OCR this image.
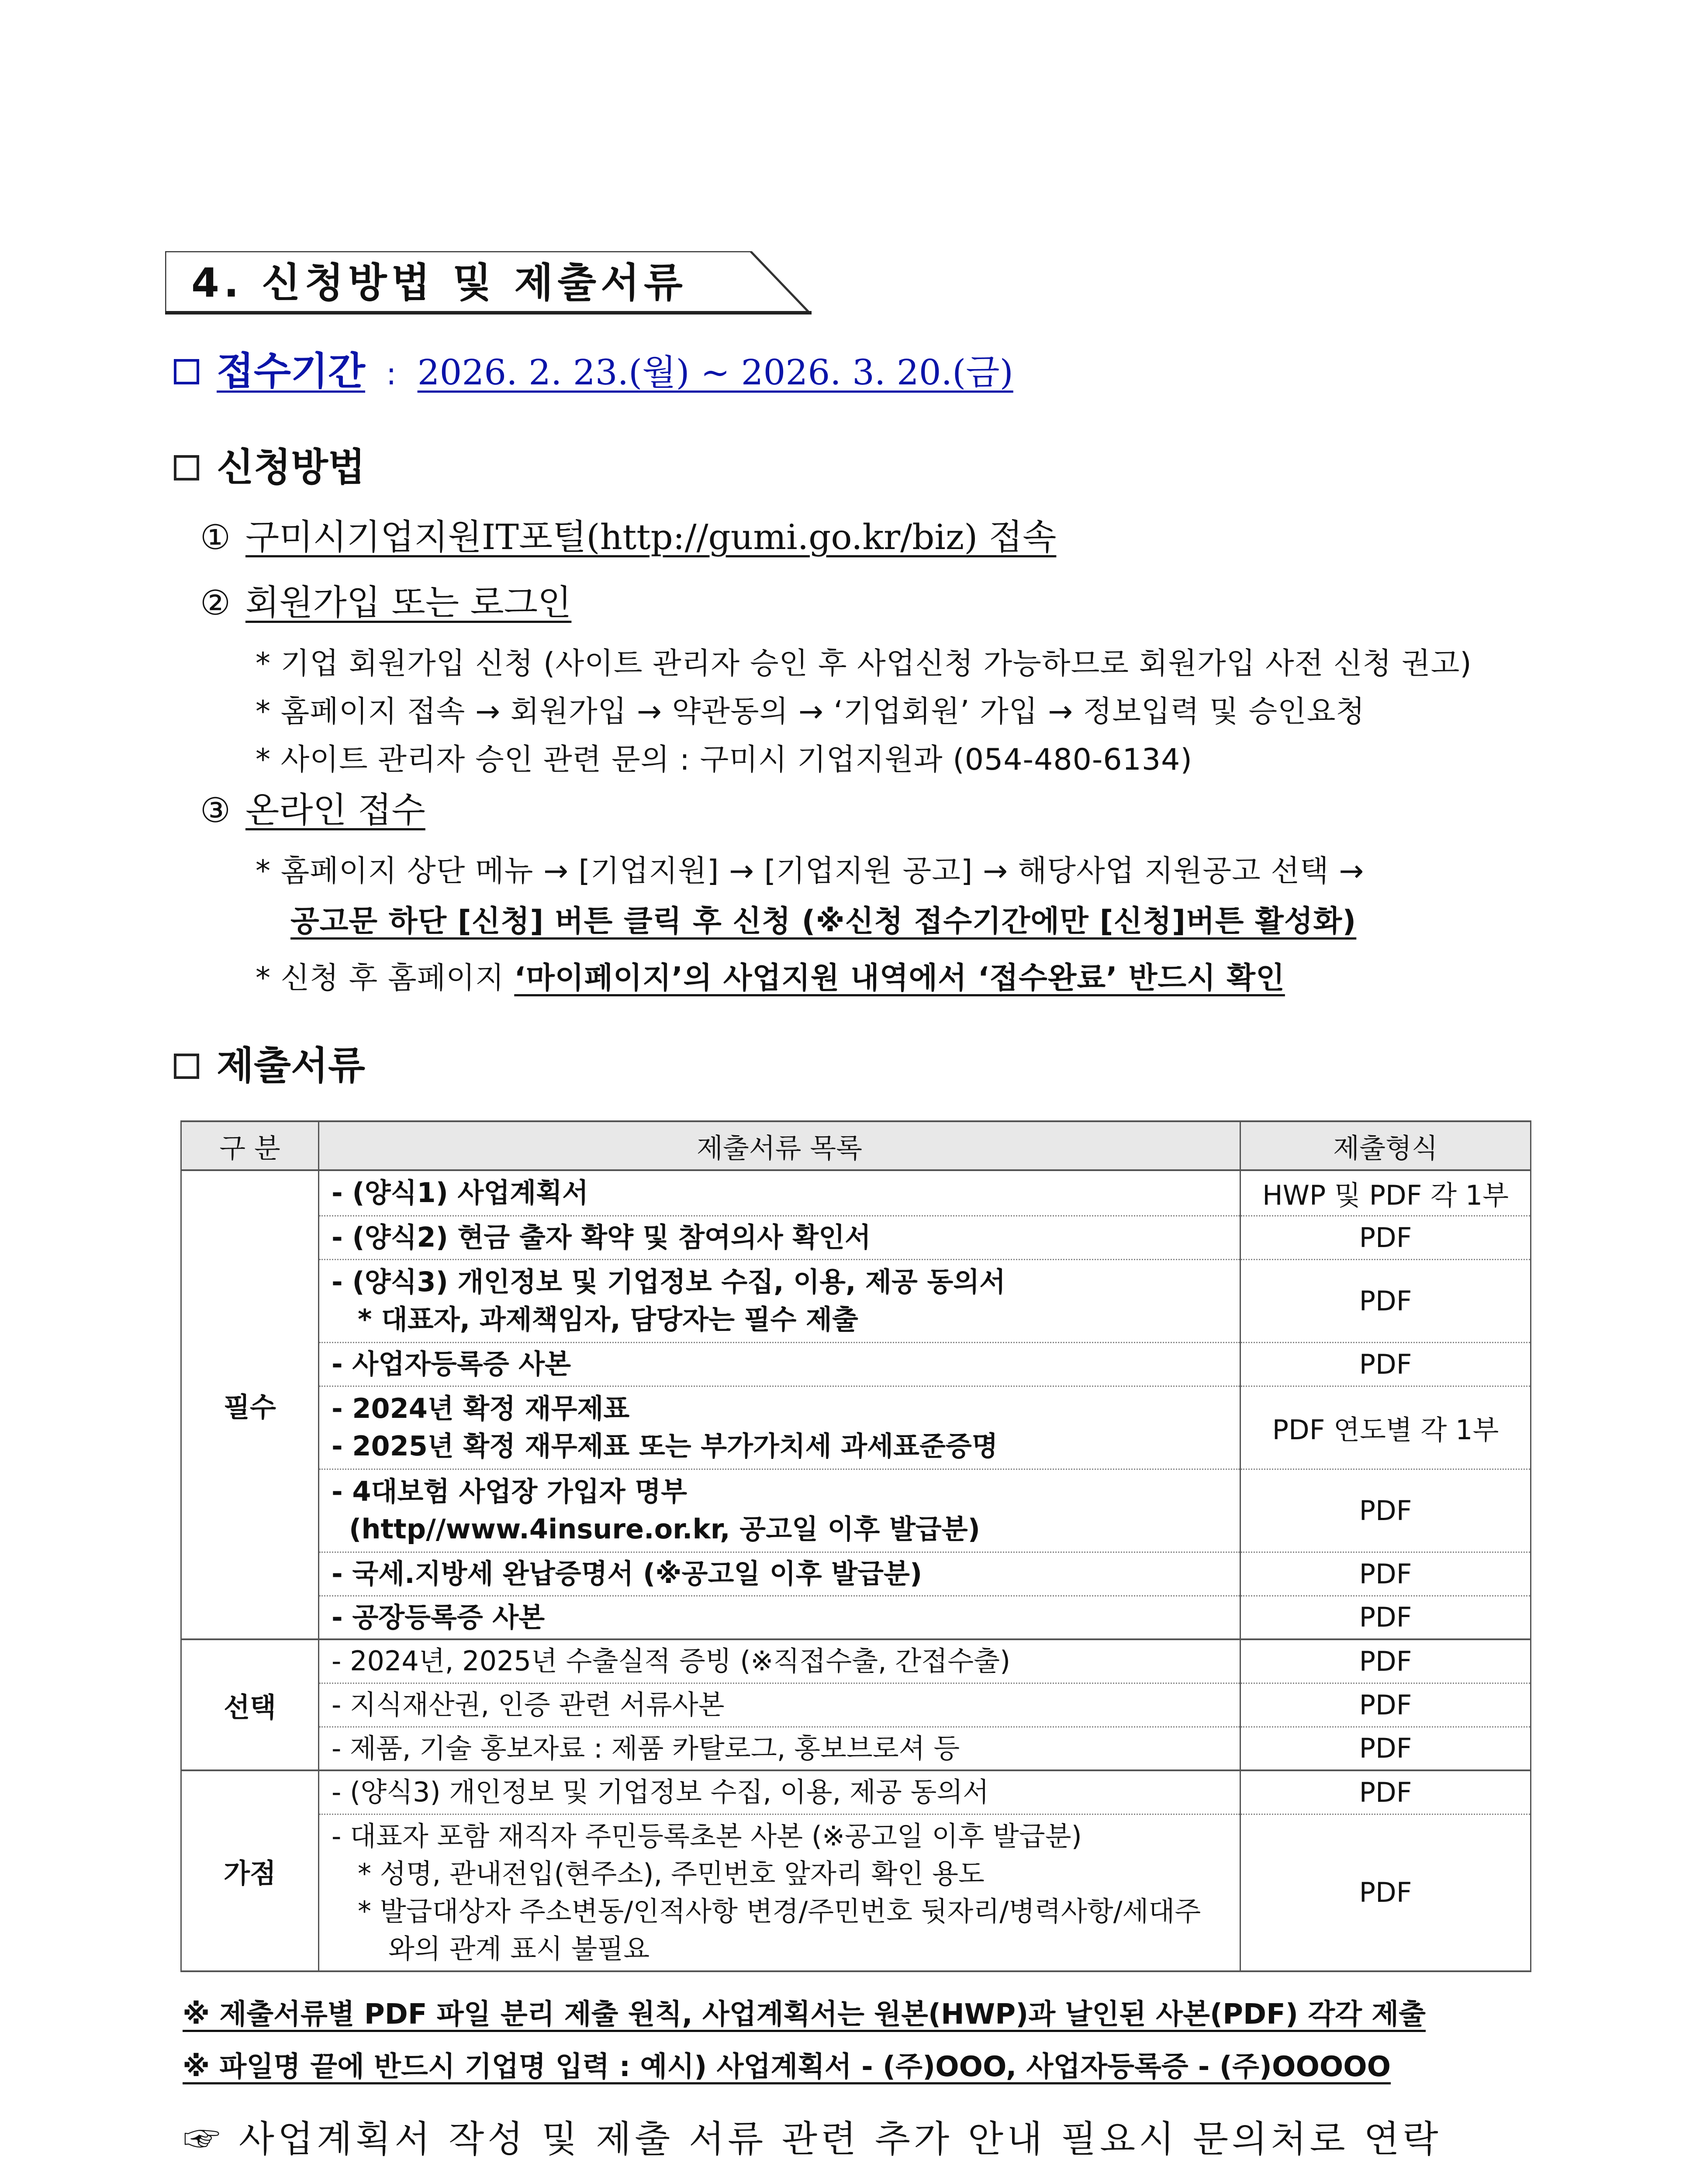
4. 신청방법 및 제출서류
접수기간 : 2026. 2. 23.(월) ~ 2026. 3. 20.(금)
신청방법
① 구미시기업지원IT포털(http://gumi.go.kr/biz) 접속
② 회원가입 또는 로그인
* 기업 회원가입 신청 (사이트 관리자 승인 후 사업신청 가능하므로 회원가입 사전 신청 권고)
* 홈페이지 접속 → 회원가입 → 약관동의 → ‘기업회원’ 가입 → 정보입력 및 승인요청
* 사이트 관리자 승인 관련 문의 : 구미시 기업지원과 (054-480-6134)
③ 온라인 접수
* 홈페이지 상단 메뉴 → [기업지원] → [기업지원 공고] → 해당사업 지원공고 선택 →
공고문 하단 [신청] 버튼 클릭 후 신청 (※신청 접수기간에만 [신청]버튼 활성화)
* 신청 후 홈페이지 ‘마이페이지’의 사업지원 내역에서 ‘접수완료’ 반드시 확인
제출서류
구 분	제출서류 목록	제출형식
필수	- (양식1) 사업계획서	HWP 및 PDF 각 1부

	- (양식2) 현금 출자 확약 및 참여의사 확인서	PDF

	- (양식3) 개인정보 및 기업정보 수집, 이용, 제공 동의서
* 대표자, 과제책임자, 담당자는 필수 제출	PDF

	- 사업자등록증 사본	PDF

	- 2024년 확정 재무제표
- 2025년 확정 재무제표 또는 부가가치세 과세표준증명	PDF 연도별 각 1부

	- 4대보험 사업장 가입자 명부
(http//www.4insure.or.kr, 공고일 이후 발급분)	PDF

	- 국세.지방세 완납증명서 (※공고일 이후 발급분)	PDF

	- 공장등록증 사본	PDF
선택	- 2024년, 2025년 수출실적 증빙 (※직접수출, 간접수출)	PDF

	- 지식재산권, 인증 관련 서류사본	PDF

	- 제품, 기술 홍보자료 : 제품 카탈로그, 홍보브로셔 등	PDF
가점	- (양식3) 개인정보 및 기업정보 수집, 이용, 제공 동의서	PDF

	- 대표자 포함 재직자 주민등록초본 사본 (※공고일 이후 발급분)
* 성명, 관내전입(현주소), 주민번호 앞자리 확인 용도
* 발급대상자 주소변동/인적사항 변경/주민번호 뒷자리/병력사항/세대주
와의 관계 표시 불필요	PDF
※ 제출서류별 PDF 파일 분리 제출 원칙, 사업계획서는 원본(HWP)과 날인된 사본(PDF) 각각 제출
※ 파일명 끝에 반드시 기업명 입력 : 예시) 사업계획서 - (주)OOO, 사업자등록증 - (주)OOOOO
☞ 사업계획서 작성 및 제출 서류 관련 추가 안내 필요시 문의처로 연락
